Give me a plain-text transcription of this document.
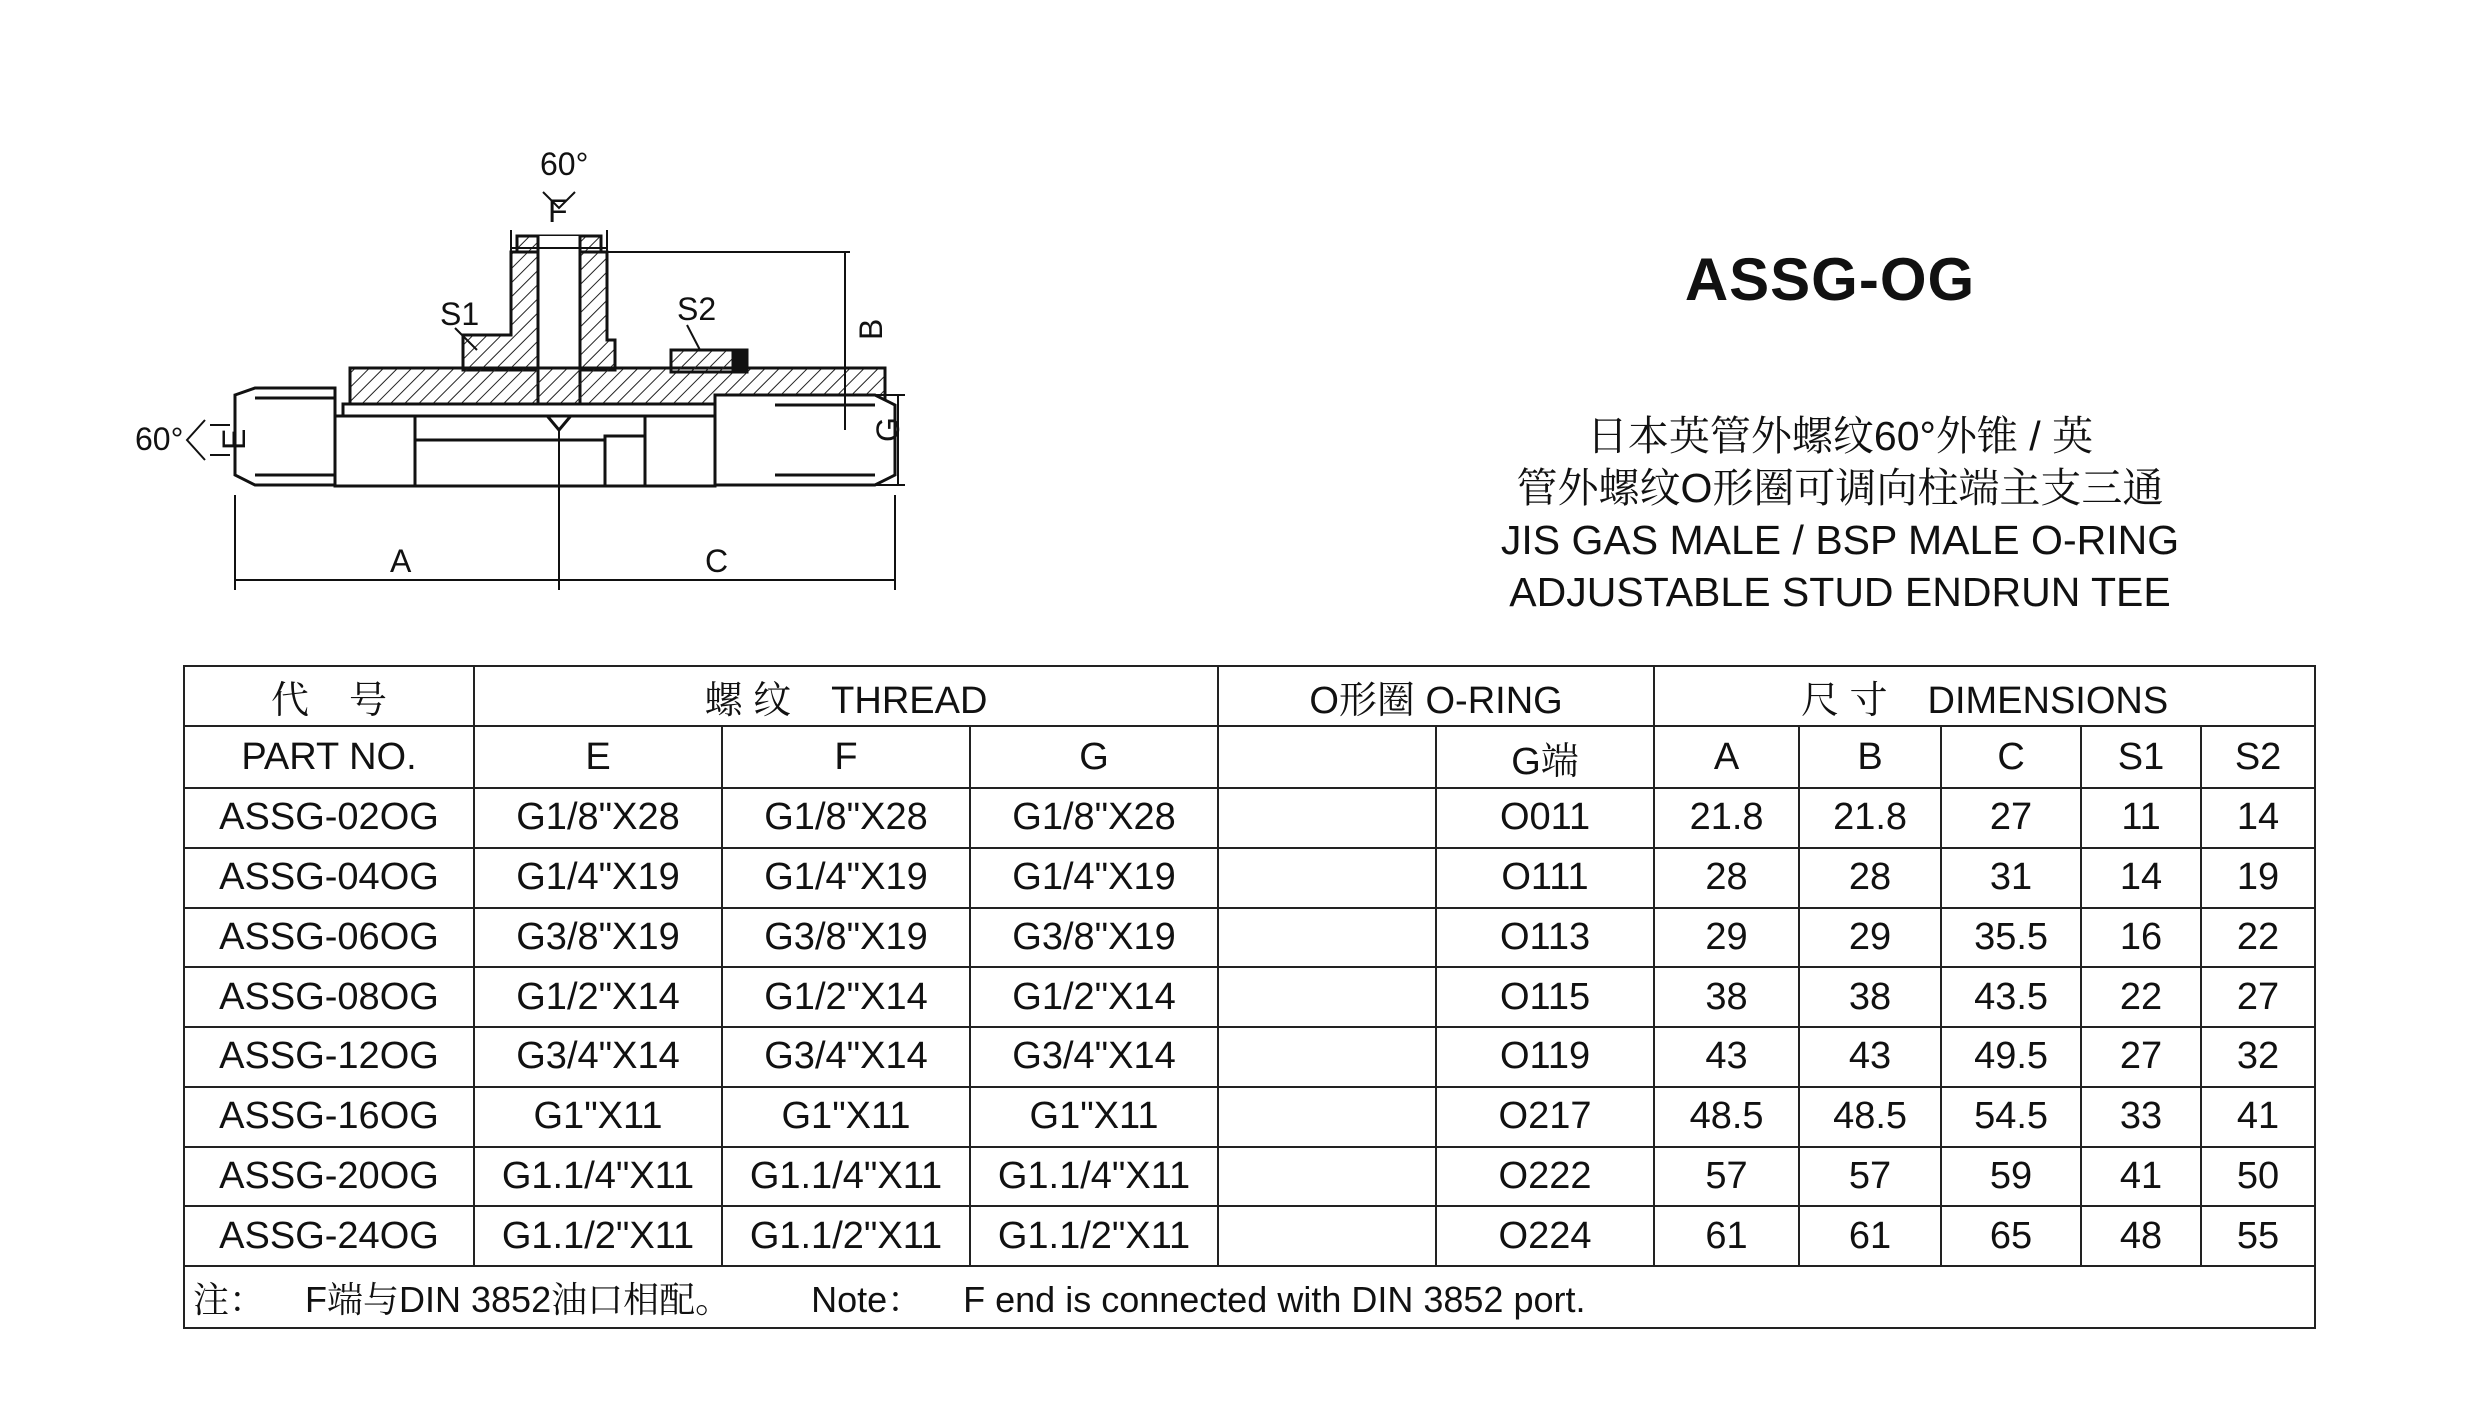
60°
F
60° E
S1	S2
B
G
A	C
ASSG-OG
日本英管外螺纹60°外锥 / 英
管外螺纹O形圈可调向柱端主支三通
JIS GAS MALE / BSP MALE O-RING
ADJUSTABLE STUD ENDRUN TEE
代 号	螺 纹 THREAD			O形圈 O-RING		尺 寸 DIMENSIONS				
PART NO.	E	F	G		G端	A	B	C	S1	S2
ASSG-02OG	G1/8"X28	G1/8"X28	G1/8"X28		O011	21.8	21.8	27	11	14
ASSG-04OG	G1/4"X19	G1/4"X19	G1/4"X19		O111	28	28	31	14	19
ASSG-06OG	G3/8"X19	G3/8"X19	G3/8"X19		O113	29	29	35.5	16	22
ASSG-08OG	G1/2"X14	G1/2"X14	G1/2"X14		O115	38	38	43.5	22	27
ASSG-12OG	G3/4"X14	G3/4"X14	G3/4"X14		O119	43	43	49.5	27	32
ASSG-16OG	G1"X11	G1"X11	G1"X11		O217	48.5	48.5	54.5	33	41
ASSG-20OG	G1.1/4"X11	G1.1/4"X11	G1.1/4"X11		O222	57	57	59	41	50
ASSG-24OG	G1.1/2"X11	G1.1/2"X11	G1.1/2"X11		O224	61	61	65	48	55
注： F端与DIN 3852油口相配。 Note： F end is connected with DIN 3852 port.										
